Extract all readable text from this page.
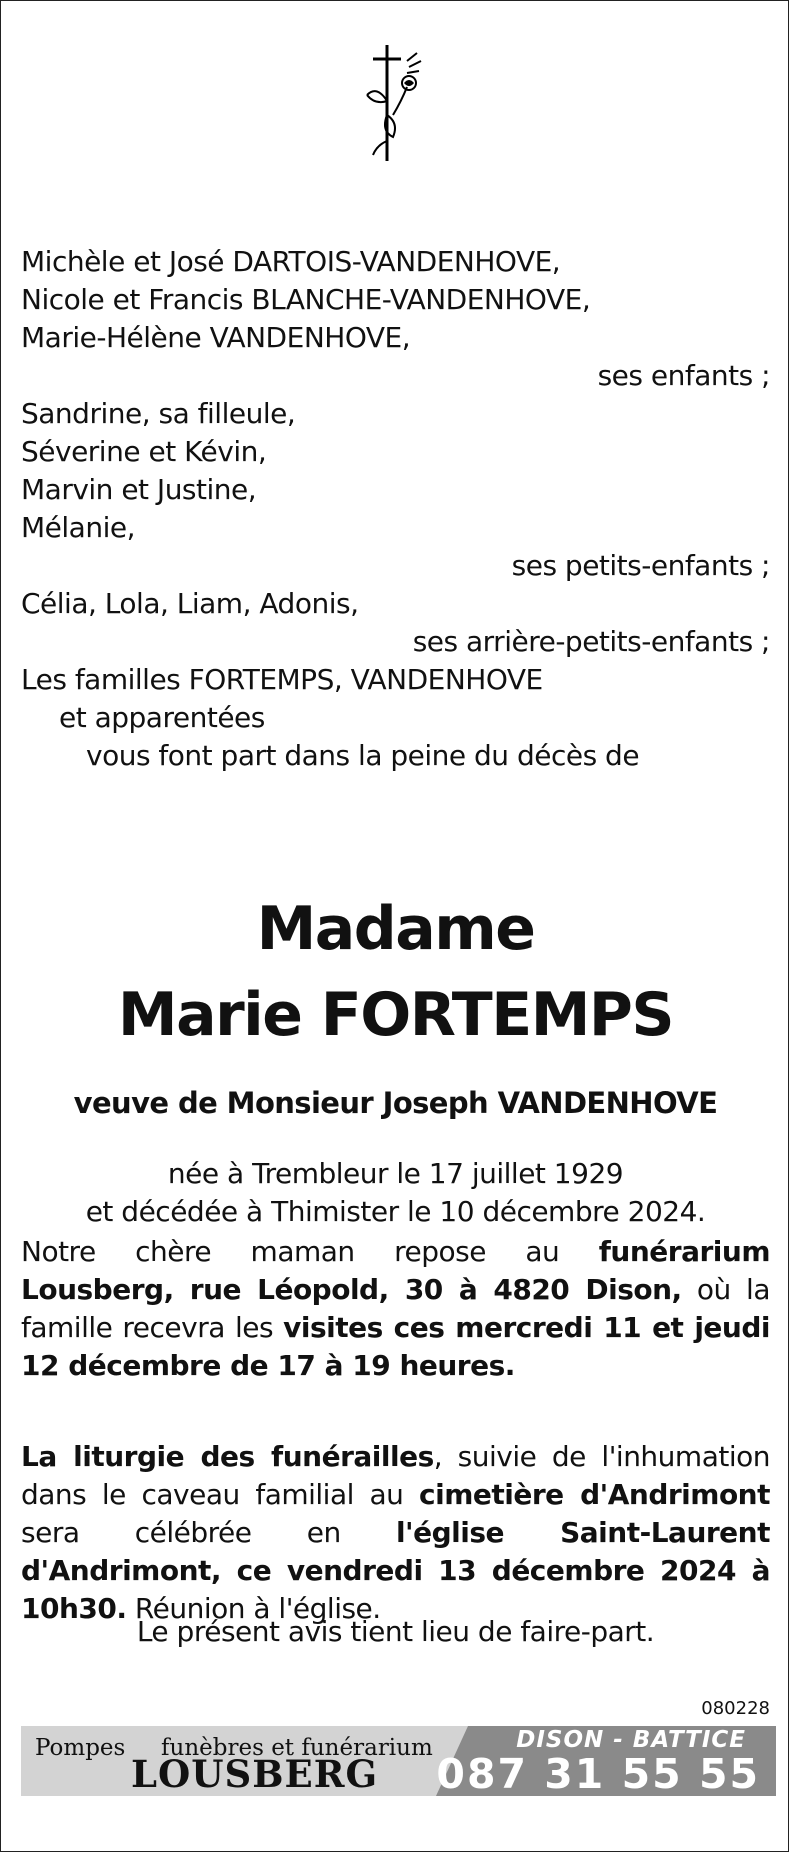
Michèle et José DARTOIS-VANDENHOVE,
Nicole et Francis BLANCHE-VANDENHOVE,
Marie-Hélène VANDENHOVE,
ses enfants ;
Sandrine, sa filleule,
Séverine et Kévin,
Marvin et Justine,
Mélanie,
ses petits-enfants ;
Célia, Lola, Liam, Adonis,
ses arrière-petits-enfants ;
Les familles FORTEMPS, VANDENHOVE
et apparentées
vous font part dans la peine du décès de
Madame
Marie FORTEMPS
veuve de Monsieur Joseph VANDENHOVE
née à Trembleur le 17 juillet 1929
et décédée à Thimister le 10 décembre 2024.
Notre chère maman repose au funérarium Lousberg, rue Léopold, 30 à 4820 Dison, où la famille recevra les visites ces mercredi 11 et jeudi 12 décembre de 17 à 19 heures.
La liturgie des funérailles, suivie de l'inhumation dans le caveau familial au cimetière d'Andrimont sera célébrée en l'église Saint-Laurent d'Andrimont, ce vendredi 13 décembre 2024 à 10h30. Réunion à l'église.
Le présent avis tient lieu de faire-part.
080228
Pompes funèbres et funérarium
LOUSBERG
DISON - BATTICE
087 31 55 55
